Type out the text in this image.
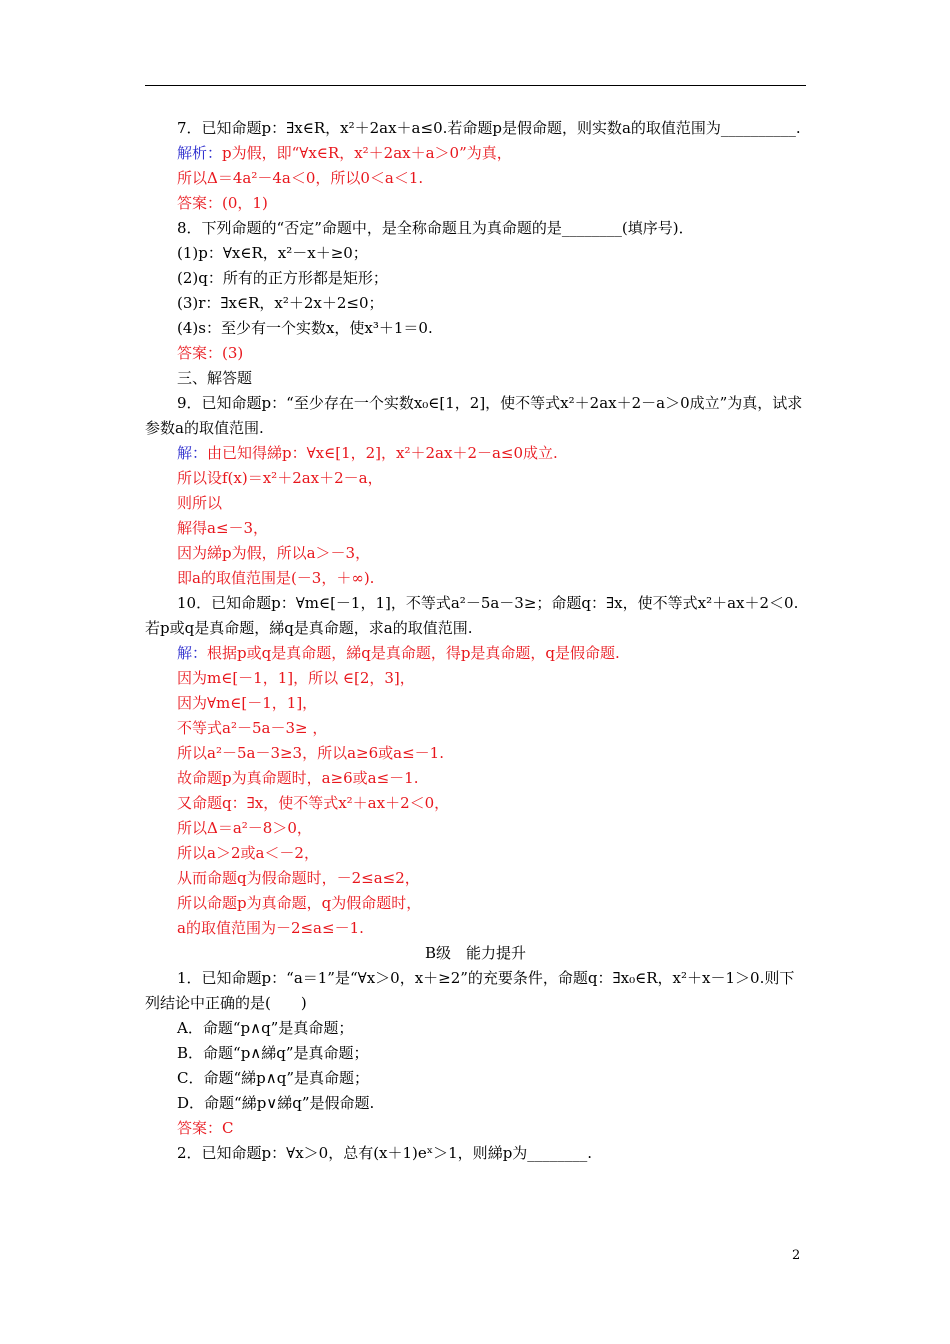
7．已知命题p：∃x∈R，x²＋2ax＋a≤0.若命题p是假命题，则实数a的取值范围为__________.
解析：p为假，即“∀x∈R，x²＋2ax＋a＞0”为真，
所以Δ＝4a²－4a＜0，所以0＜a＜1.
答案：(0，1)
8．下列命题的“否定”命题中，是全称命题且为真命题的是________(填序号)．
(1)p：∀x∈R，x²－x＋≥0；
(2)q：所有的正方形都是矩形；
(3)r：∃x∈R，x²＋2x＋2≤0；
(4)s：至少有一个实数x，使x³＋1＝0.
答案：(3)
三、解答题
9．已知命题p：“至少存在一个实数x₀∈[1，2]，使不等式x²＋2ax＋2－a＞0成立”为真，试求参数a的取值范围.
解：由已知得綈p：∀x∈[1，2]，x²＋2ax＋2－a≤0成立.
所以设f(x)＝x²＋2ax＋2－a，
则所以
解得a≤－3，
因为綈p为假，所以a＞－3，
即a的取值范围是(－3，＋∞).
10．已知命题p：∀m∈[－1，1]，不等式a²－5a－3≥；命题q：∃x，使不等式x²＋ax＋2＜0.若p或q是真命题，綈q是真命题，求a的取值范围.
解：根据p或q是真命题，綈q是真命题，得p是真命题，q是假命题.
因为m∈[－1，1]，所以 ∈[2，3]，
因为∀m∈[－1，1]，
不等式a²－5a－3≥ ，
所以a²－5a－3≥3，所以a≥6或a≤－1.
故命题p为真命题时，a≥6或a≤－1.
又命题q：∃x，使不等式x²＋ax＋2＜0，
所以Δ＝a²－8＞0，
所以a＞2或a＜－2，
从而命题q为假命题时，－2≤a≤2，
所以命题p为真命题，q为假命题时，
a的取值范围为－2≤a≤－1.
B级　能力提升
1．已知命题p：“a＝1”是“∀x＞0，x＋≥2”的充要条件，命题q：∃x₀∈R，x²＋x－1＞0.则下列结论中正确的是(　　)
A．命题“p∧q”是真命题；
B．命题“p∧綈q”是真命题；
C．命题“綈p∧q”是真命题；
D．命题“綈p∨綈q”是假命题.
答案：C
2．已知命题p：∀x＞0，总有(x＋1)eˣ＞1，则綈p为________.
2
